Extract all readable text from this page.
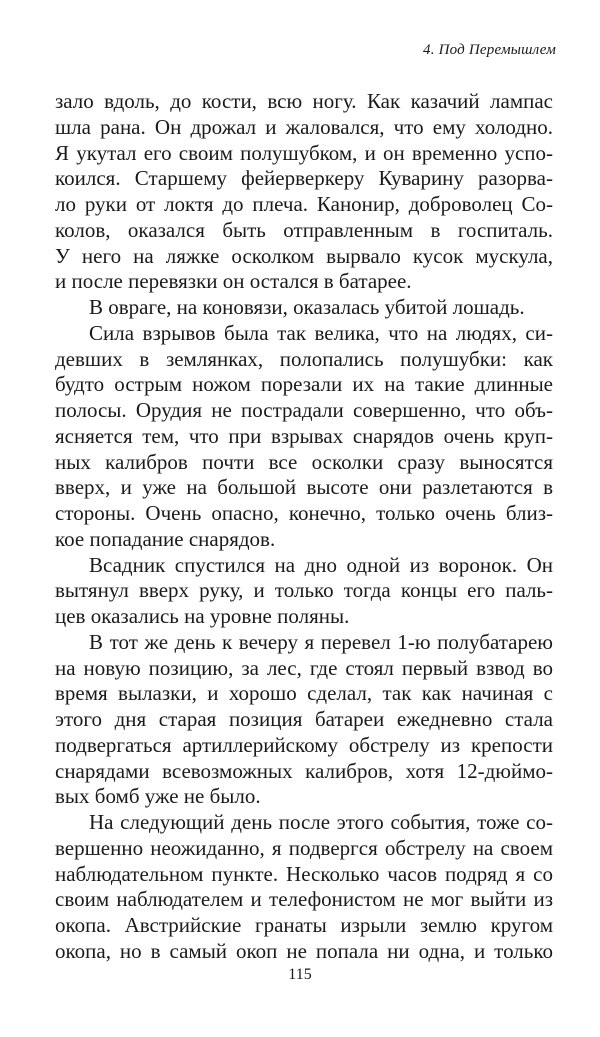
4. Под Перемышлем
зало вдоль, до кости, всю ногу. Как казачий лампас
шла рана. Он дрожал и жаловался, что ему холодно.
Я укутал его своим полушубком, и он временно успо-
коился. Старшему фейерверкеру Куварину разорва-
ло руки от локтя до плеча. Канонир, доброволец Со-
колов, оказался быть отправленным в госпиталь.
У него на ляжке осколком вырвало кусок мускула,
и после перевязки он остался в батарее.
В овраге, на коновязи, оказалась убитой лошадь.
Сила взрывов была так велика, что на людях, си-
девших в землянках, полопались полушубки: как
будто острым ножом порезали их на такие длинные
полосы. Орудия не пострадали совершенно, что объ-
ясняется тем, что при взрывах снарядов очень круп-
ных калибров почти все осколки сразу выносятся
вверх, и уже на большой высоте они разлетаются в
стороны. Очень опасно, конечно, только очень близ-
кое попадание снарядов.
Всадник спустился на дно одной из воронок. Он
вытянул вверх руку, и только тогда концы его паль-
цев оказались на уровне поляны.
В тот же день к вечеру я перевел 1-ю полубатарею
на новую позицию, за лес, где стоял первый взвод во
время вылазки, и хорошо сделал, так как начиная с
этого дня старая позиция батареи ежедневно стала
подвергаться артиллерийскому обстрелу из крепости
снарядами всевозможных калибров, хотя 12-дюймо-
вых бомб уже не было.
На следующий день после этого события, тоже со-
вершенно неожиданно, я подвергся обстрелу на своем
наблюдательном пункте. Несколько часов подряд я со
своим наблюдателем и телефонистом не мог выйти из
окопа. Австрийские гранаты изрыли землю кругом
окопа, но в самый окоп не попала ни одна, и только
115
